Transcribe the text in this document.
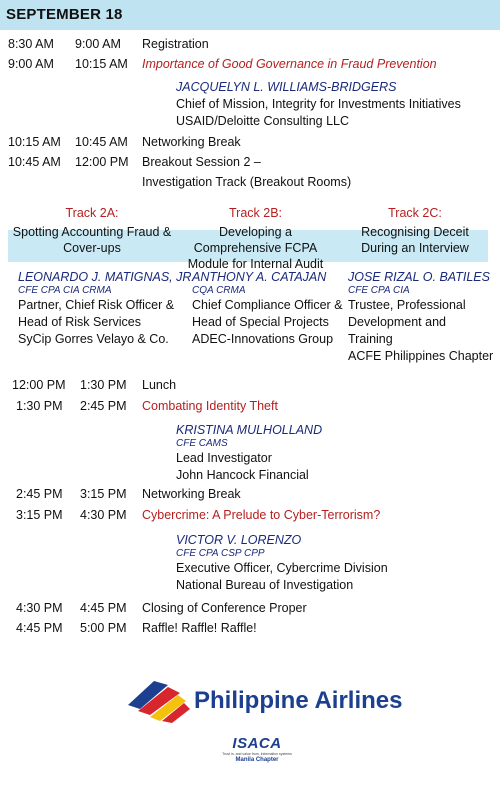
SEPTEMBER 18
8:30 AM 9:00 AM Registration
9:00 AM 10:15 AM Importance of Good Governance in Fraud Prevention
JACQUELYN L. WILLIAMS-BRIDGERS
Chief of Mission, Integrity for Investments Initiatives
USAID/Deloitte Consulting LLC
10:15 AM 10:45 AM Networking Break
10:45 AM 12:00 PM Breakout Session 2 –
Investigation Track (Breakout Rooms)
Track 2A:
Spotting Accounting Fraud &
Cover-ups
Track 2B:
Developing a
Comprehensive FCPA
Module for Internal Audit
Track 2C:
Recognising Deceit
During an Interview
LEONARDO J. MATIGNAS, JR.
CFE CPA CIA CRMA
Partner, Chief Risk Officer &
Head of Risk Services
SyCip Gorres Velayo & Co.
ANTHONY A. CATAJAN
CQA CRMA
Chief Compliance Officer &
Head of Special Projects
ADEC-Innovations Group
JOSE RIZAL O. BATILES
CFE CPA CIA
Trustee, Professional
Development and
Training
ACFE Philippines Chapter
12:00 PM 1:30 PM Lunch
1:30 PM 2:45 PM Combating Identity Theft
KRISTINA MULHOLLAND
CFE CAMS
Lead Investigator
John Hancock Financial
2:45 PM 3:15 PM Networking Break
3:15 PM 4:30 PM Cybercrime: A Prelude to Cyber-Terrorism?
VICTOR V. LORENZO
CFE CPA CSP CPP
Executive Officer, Cybercrime Division
National Bureau of Investigation
4:30 PM 4:45 PM Closing of Conference Proper
4:45 PM 5:00 PM Raffle! Raffle! Raffle!
Philippine Airlines
ISACA
Trust in, and value from, information systems
Manila Chapter
